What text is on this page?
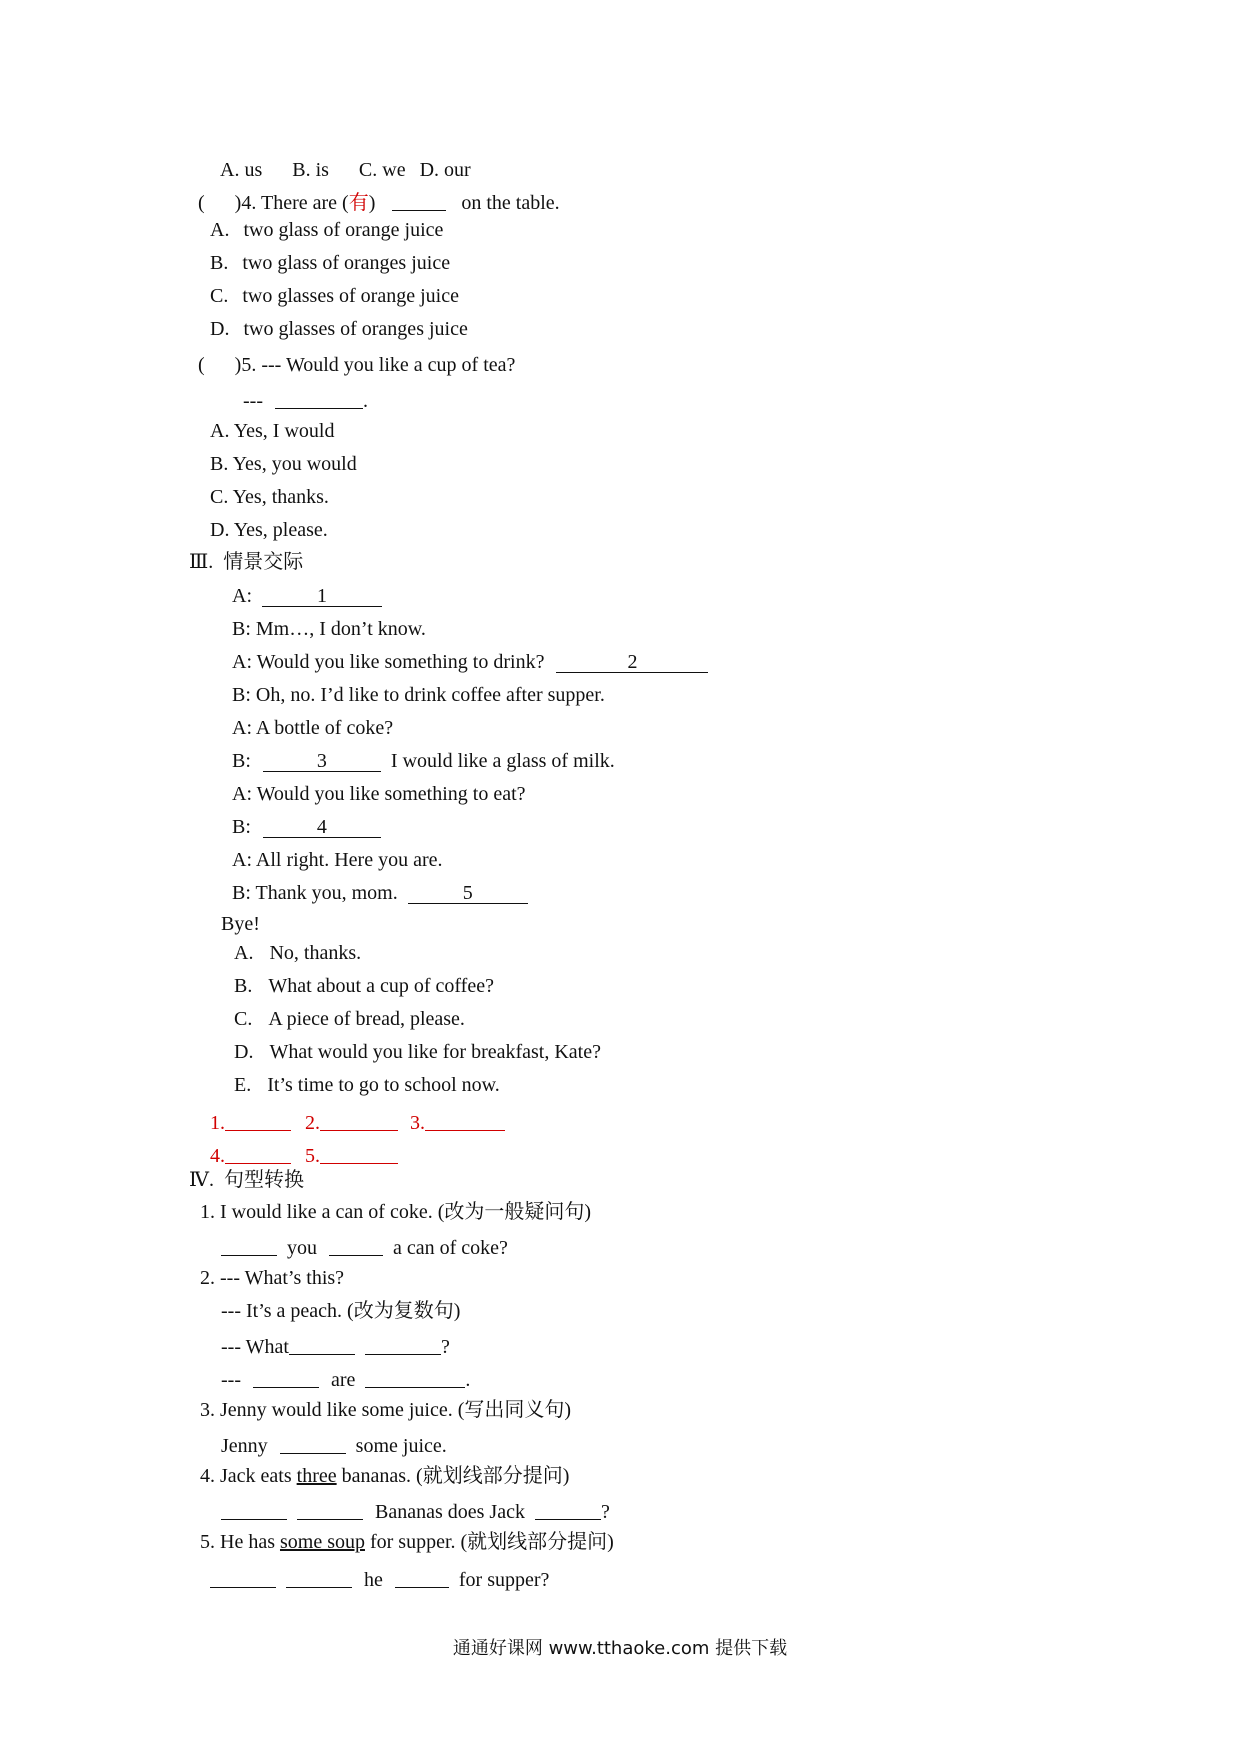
A. us B. is C. we D. our
( )4. There are (有)	on the table.
A. two glass of orange juice
B. two glass of oranges juice
C. two glasses of orange juice
D. two glasses of oranges juice
( )5. --- Would you like a cup of tea?
---	.
A. Yes, I would
B. Yes, you would
C. Yes, thanks.
D. Yes, please.
Ⅲ. 情景交际
A:	1
B: Mm…, I don’t know.
A: Would you like something to drink?	2
B: Oh, no. I’d like to drink coffee after supper.
A: A bottle of coke?
B:	3	I would like a glass of milk.
A: Would you like something to eat?
B:	4
A: All right. Here you are.
B: Thank you, mom.	5
Bye!
A. No, thanks.
B. What about a cup of coffee?
C. A piece of bread, please.
D. What would you like for breakfast, Kate?
E. It’s time to go to school now.
1.	2.	3.
4.	5.
Ⅳ. 句型转换
1. I would like a can of coke. (改为一般疑问句)
you	a can of coke?
2. --- What’s this?
--- It’s a peach. (改为复数句)
--- What	?
---	are	.
3. Jenny would like some juice. (写出同义句)
Jenny	some juice.
4. Jack eats three bananas. (就划线部分提问)
Bananas does Jack	?
5. He has some soup for supper. (就划线部分提问)
he	for supper?
通通好课网 www.tthaoke.com 提供下载
